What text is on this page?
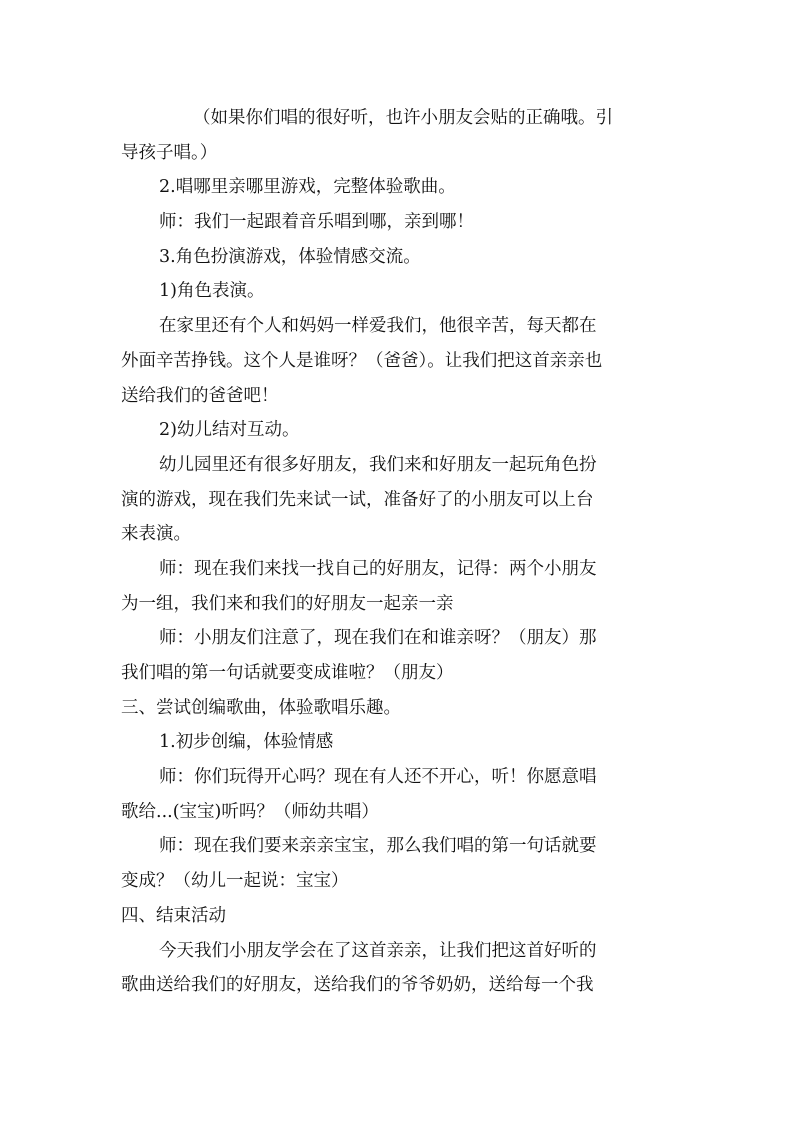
（如果你们唱的很好听，也许小朋友会贴的正确哦。引
导孩子唱。）
2.唱哪里亲哪里游戏，完整体验歌曲。
师：我们一起跟着音乐唱到哪，亲到哪！
3.角色扮演游戏，体验情感交流。
1)角色表演。
在家里还有个人和妈妈一样爱我们，他很辛苦，每天都在
外面辛苦挣钱。这个人是谁呀？（爸爸）。让我们把这首亲亲也
送给我们的爸爸吧！
2)幼儿结对互动。
幼儿园里还有很多好朋友，我们来和好朋友一起玩角色扮
演的游戏，现在我们先来试一试，准备好了的小朋友可以上台
来表演。
师：现在我们来找一找自己的好朋友，记得：两个小朋友
为一组，我们来和我们的好朋友一起亲一亲
师：小朋友们注意了，现在我们在和谁亲呀？（朋友）那
我们唱的第一句话就要变成谁啦？（朋友）
三、尝试创编歌曲，体验歌唱乐趣。
1.初步创编，体验情感
师：你们玩得开心吗？现在有人还不开心，听！你愿意唱
歌给...(宝宝)听吗？（师幼共唱）
师：现在我们要来亲亲宝宝，那么我们唱的第一句话就要
变成？（幼儿一起说：宝宝）
四、结束活动
今天我们小朋友学会在了这首亲亲，让我们把这首好听的
歌曲送给我们的好朋友，送给我们的爷爷奶奶，送给每一个我
